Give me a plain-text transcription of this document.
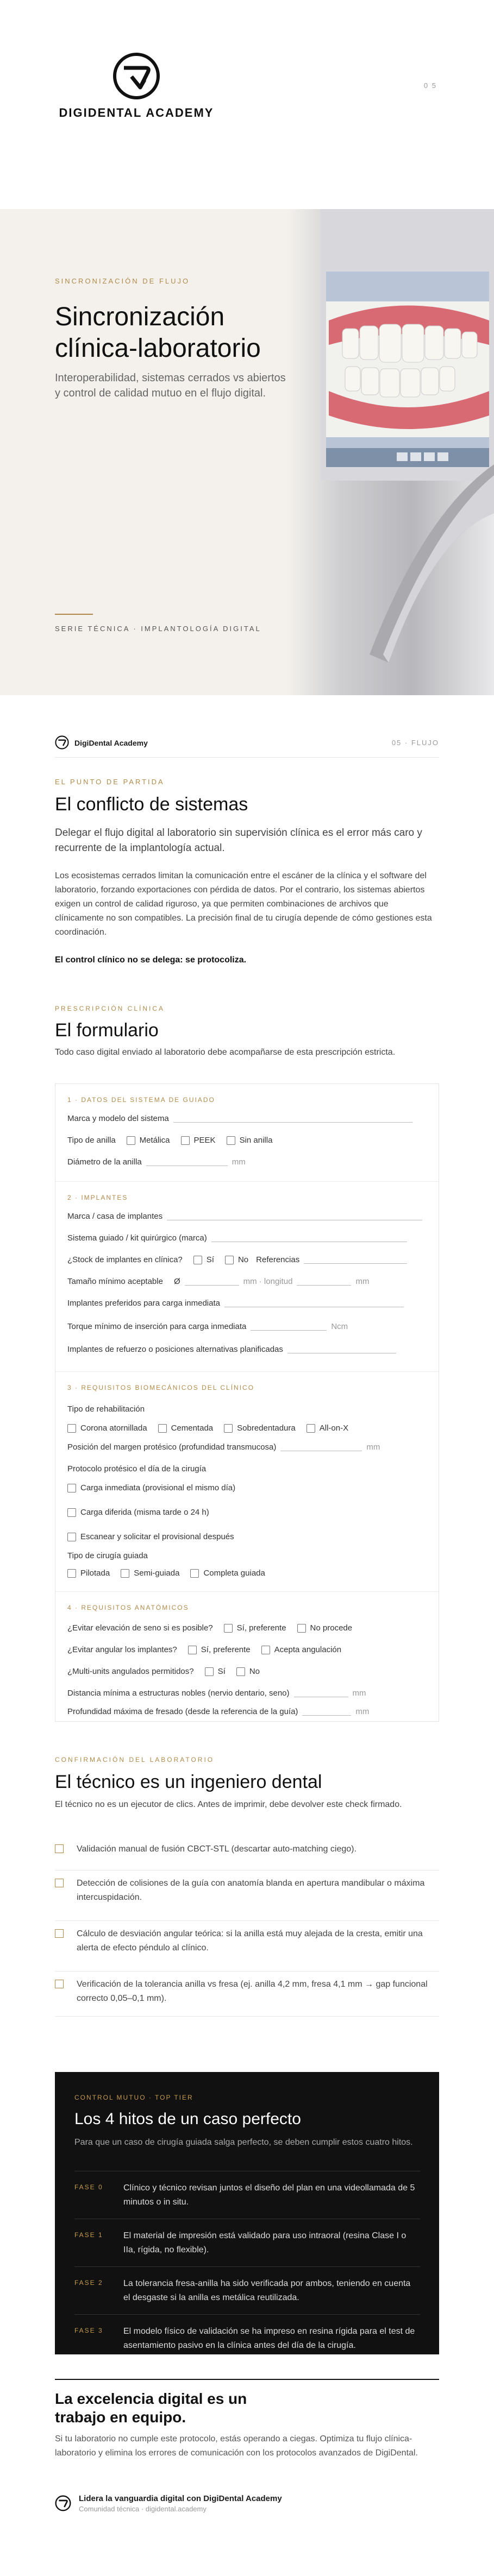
DIGIDENTAL ACADEMY
0 5
SINCRONIZACIÓN DE FLUJO
Sincronización clínica-laboratorio
Interoperabilidad, sistemas cerrados vs abiertos y control de calidad mutuo en el flujo digital.
SERIE TÉCNICA · IMPLANTOLOGÍA DIGITAL
DigiDental Academy	05 · FLUJO
EL PUNTO DE PARTIDA
El conflicto de sistemas
Delegar el flujo digital al laboratorio sin supervisión clínica es el error más caro y recurrente de la implantología actual.
Los ecosistemas cerrados limitan la comunicación entre el escáner de la clínica y el software del laboratorio, forzando exportaciones con pérdida de datos. Por el contrario, los sistemas abiertos exigen un control de calidad riguroso, ya que permiten combinaciones de archivos que clínicamente no son compatibles. La precisión final de tu cirugía depende de cómo gestiones esta coordinación.
El control clínico no se delega: se protocoliza.
PRESCRIPCIÓN CLÍNICA
El formulario
Todo caso digital enviado al laboratorio debe acompañarse de esta prescripción estricta.
1 · DATOS DEL SISTEMA DE GUIADO
Marca y modelo del sistema
Tipo de anilla	Metálica	PEEK	Sin anilla
Diámetro de la anilla	mm
2 · IMPLANTES
Marca / casa de implantes
Sistema guiado / kit quirúrgico (marca)
¿Stock de implantes en clínica?	Sí	No Referencias
Tamaño mínimo aceptable Ø	mm · longitud	mm
Implantes preferidos para carga inmediata
Torque mínimo de inserción para carga inmediata	Ncm
Implantes de refuerzo o posiciones alternativas planificadas
3 · REQUISITOS BIOMECÁNICOS DEL CLÍNICO
Tipo de rehabilitación
Corona atornillada	Cementada	Sobredentadura	All-on-X
Posición del margen protésico (profundidad transmucosa)	mm
Protocolo protésico el día de la cirugía
Carga inmediata (provisional el mismo día)
Carga diferida (misma tarde o 24 h)
Escanear y solicitar el provisional después
Tipo de cirugía guiada
Pilotada	Semi-guiada	Completa guiada
4 · REQUISITOS ANATÓMICOS
¿Evitar elevación de seno si es posible?	Sí, preferente	No procede
¿Evitar angular los implantes?	Sí, preferente	Acepta angulación
¿Multi-units angulados permitidos?	Sí	No
Distancia mínima a estructuras nobles (nervio dentario, seno)	mm
Profundidad máxima de fresado (desde la referencia de la guía)	mm
CONFIRMACIÓN DEL LABORATORIO
El técnico es un ingeniero dental
El técnico no es un ejecutor de clics. Antes de imprimir, debe devolver este check firmado.
Validación manual de fusión CBCT-STL (descartar auto-matching ciego).
Detección de colisiones de la guía con anatomía blanda en apertura mandibular o máxima intercuspidación.
Cálculo de desviación angular teórica: si la anilla está muy alejada de la cresta, emitir una alerta de efecto péndulo al clínico.
Verificación de la tolerancia anilla vs fresa (ej. anilla 4,2 mm, fresa 4,1 mm → gap funcional correcto 0,05–0,1 mm).
CONTROL MUTUO · TOP TIER
Los 4 hitos de un caso perfecto
Para que un caso de cirugía guiada salga perfecto, se deben cumplir estos cuatro hitos.
FASE 0 Clínico y técnico revisan juntos el diseño del plan en una videollamada de 5 minutos o in situ.
FASE 1 El material de impresión está validado para uso intraoral (resina Clase I o IIa, rígida, no flexible).
FASE 2 La tolerancia fresa-anilla ha sido verificada por ambos, teniendo en cuenta el desgaste si la anilla es metálica reutilizada.
FASE 3 El modelo físico de validación se ha impreso en resina rígida para el test de asentamiento pasivo en la clínica antes del día de la cirugía.
La excelencia digital es un trabajo en equipo.
Si tu laboratorio no cumple este protocolo, estás operando a ciegas. Optimiza tu flujo clínica-laboratorio y elimina los errores de comunicación con los protocolos avanzados de DigiDental.
Lidera la vanguardia digital con DigiDental Academy
Comunidad técnica · digidental.academy
